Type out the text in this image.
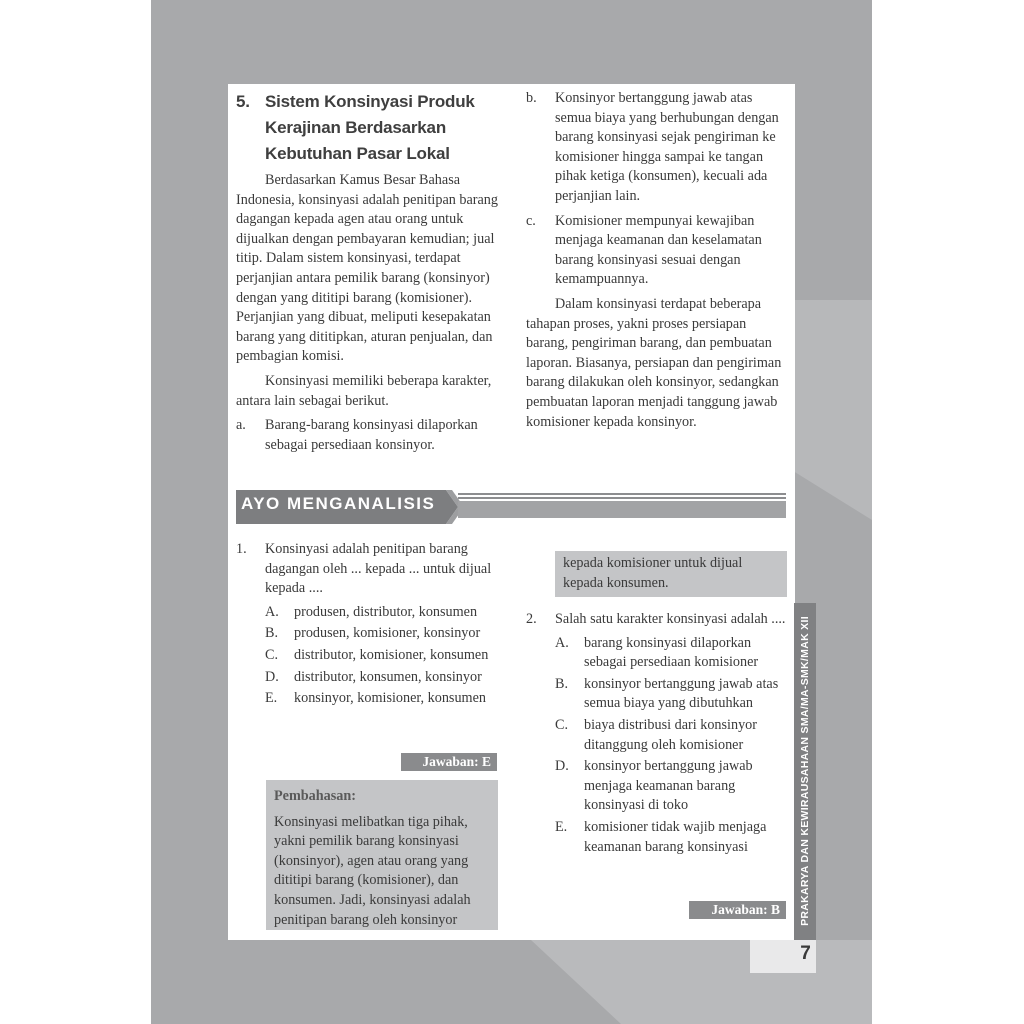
5. Sistem Konsinyasi Produk
Kerajinan Berdasarkan
Kebutuhan Pasar Lokal

Berdasarkan Kamus Besar Bahasa Indonesia, konsinyasi adalah penitipan barang dagangan kepada agen atau orang untuk dijualkan dengan pembayaran kemudian; jual titip. Dalam sistem konsinyasi, terdapat perjanjian antara pemilik barang (konsinyor) dengan yang dititipi barang (komisioner). Perjanjian yang dibuat, meliputi kesepakatan barang yang dititipkan, aturan penjualan, dan pembagian komisi.

Konsinyasi memiliki beberapa karakter, antara lain sebagai berikut.

a. Barang-barang konsinyasi dilaporkan sebagai persediaan konsinyor.
b. Konsinyor bertanggung jawab atas semua biaya yang berhubungan dengan barang konsinyasi sejak pengiriman ke komisioner hingga sampai ke tangan pihak ketiga (konsumen), kecuali ada perjanjian lain.
c. Komisioner mempunyai kewajiban menjaga keamanan dan keselamatan barang konsinyasi sesuai dengan kemampuannya.

Dalam konsinyasi terdapat beberapa tahapan proses, yakni proses persiapan barang, pengiriman barang, dan pembuatan laporan. Biasanya, persiapan dan pengiriman barang dilakukan oleh konsinyor, sedangkan pembuatan laporan menjadi tanggung jawab komisioner kepada konsinyor.

AYO MENGANALISIS
1. Konsinyasi adalah penitipan barang dagangan oleh ... kepada ... untuk dijual kepada ....
A. produsen, distributor, konsumen
B. produsen, komisioner, konsinyor
C. distributor, komisioner, konsumen
D. distributor, konsumen, konsinyor
E. konsinyor, komisioner, konsumen
Jawaban: E
Pembahasan:
Konsinyasi melibatkan tiga pihak, yakni pemilik barang konsinyasi (konsinyor), agen atau orang yang dititipi barang (komisioner), dan konsumen. Jadi, konsinyasi adalah penitipan barang oleh konsinyor
kepada komisioner untuk dijual kepada konsumen.
2. Salah satu karakter konsinyasi adalah ....
A. barang konsinyasi dilaporkan sebagai persediaan komisioner
B. konsinyor bertanggung jawab atas semua biaya yang dibutuhkan
C. biaya distribusi dari konsinyor ditanggung oleh komisioner
D. konsinyor bertanggung jawab menjaga keamanan barang konsinyasi di toko
E. komisioner tidak wajib menjaga keamanan barang konsinyasi
Jawaban: B	PRAKARYA DAN KEWIRAUSAHAAN SMA/MA-SMK/MAK XII
7
